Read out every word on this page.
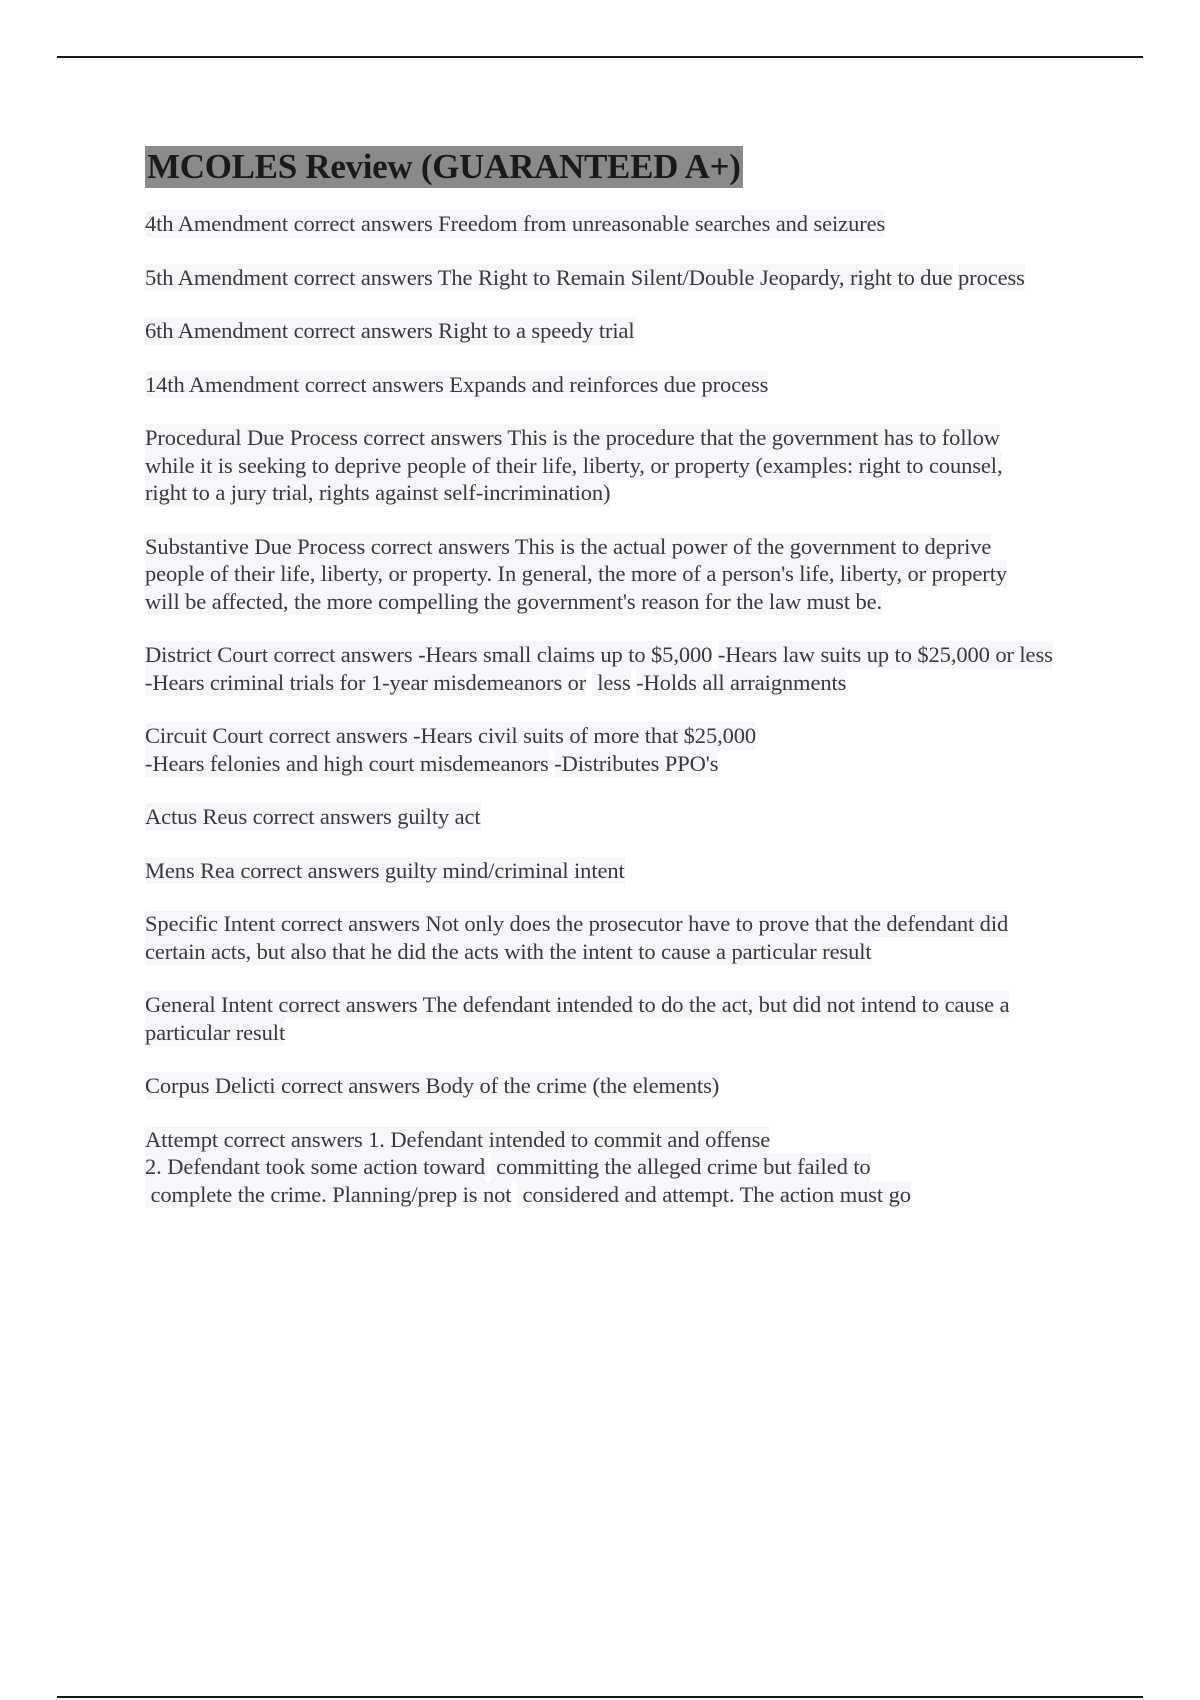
MCOLES Review (GUARANTEED A+)
4th Amendment correct answers Freedom from unreasonable searches and seizures
5th Amendment correct answers The Right to Remain Silent/Double Jeopardy, right to due process
6th Amendment correct answers Right to a speedy trial
14th Amendment correct answers Expands and reinforces due process
Procedural Due Process correct answers This is the procedure that the government has to follow while it is seeking to deprive people of their life, liberty, or property (examples: right to counsel, right to a jury trial, rights against self-incrimination)
Substantive Due Process correct answers This is the actual power of the government to deprive people of their life, liberty, or property. In general, the more of a person's life, liberty, or property will be affected, the more compelling the government's reason for the law must be.
District Court correct answers -Hears small claims up to $5,000 -Hears law suits up to $25,000 or less -Hears criminal trials for 1-year misdemeanors or  less -Holds all arraignments
Circuit Court correct answers -Hears civil suits of more that $25,000 -Hears felonies and high court misdemeanors -Distributes PPO's
Actus Reus correct answers guilty act
Mens Rea correct answers guilty mind/criminal intent
Specific Intent correct answers Not only does the prosecutor have to prove that the defendant did certain acts, but also that he did the acts with the intent to cause a particular result
General Intent correct answers The defendant intended to do the act, but did not intend to cause a particular result
Corpus Delicti correct answers Body of the crime (the elements)
Attempt correct answers 1. Defendant intended to commit and offense 2. Defendant took some action toward  committing the alleged crime but failed to  complete the crime. Planning/prep is not  considered and attempt. The action must go
